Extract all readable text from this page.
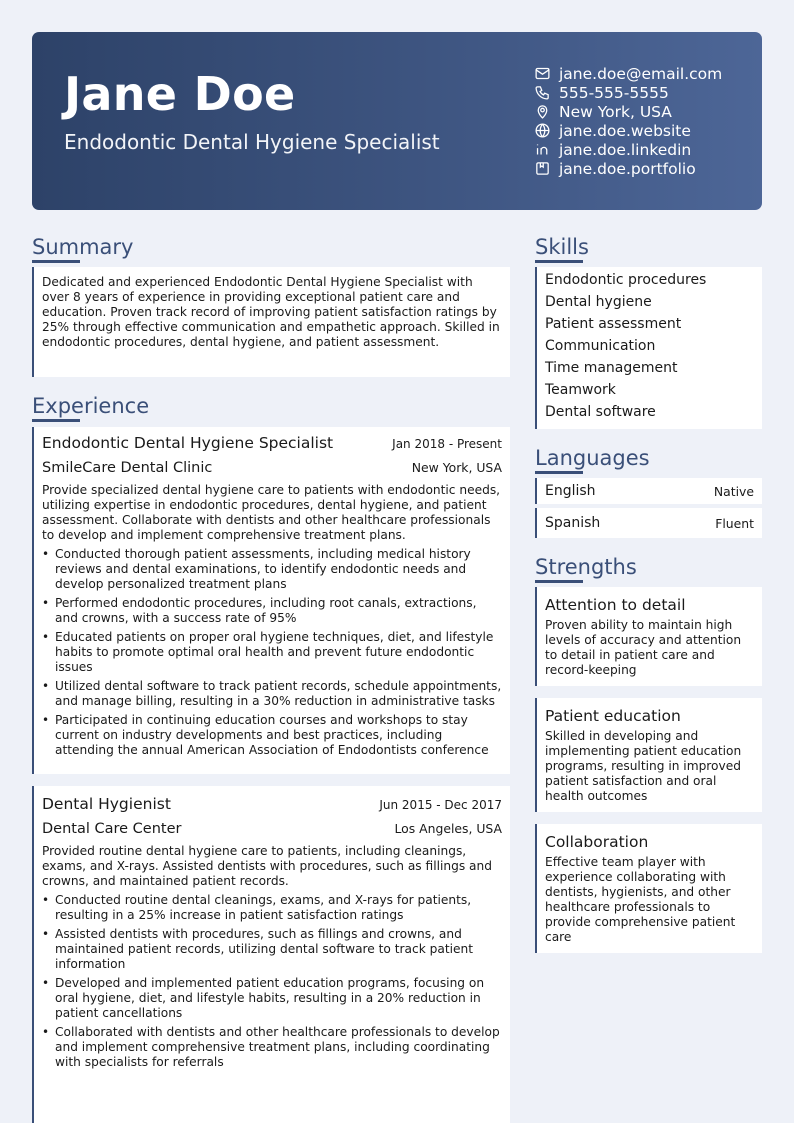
Jane Doe
Endodontic Dental Hygiene Specialist
jane.doe@email.com
555-555-5555
New York, USA
jane.doe.website
jane.doe.linkedin
jane.doe.portfolio
Summary
Dedicated and experienced Endodontic Dental Hygiene Specialist with over 8 years of experience in providing exceptional patient care and education. Proven track record of improving patient satisfaction ratings by 25% through effective communication and empathetic approach. Skilled in endodontic procedures, dental hygiene, and patient assessment.
Experience
Endodontic Dental Hygiene Specialist	Jan 2018 - Present
SmileCare Dental Clinic	New York, USA
Provide specialized dental hygiene care to patients with endodontic needs, utilizing expertise in endodontic procedures, dental hygiene, and patient assessment. Collaborate with dentists and other healthcare professionals to develop and implement comprehensive treatment plans.
• Conducted thorough patient assessments, including medical history reviews and dental examinations, to identify endodontic needs and develop personalized treatment plans
• Performed endodontic procedures, including root canals, extractions, and crowns, with a success rate of 95%
• Educated patients on proper oral hygiene techniques, diet, and lifestyle habits to promote optimal oral health and prevent future endodontic issues
• Utilized dental software to track patient records, schedule appointments, and manage billing, resulting in a 30% reduction in administrative tasks
• Participated in continuing education courses and workshops to stay current on industry developments and best practices, including attending the annual American Association of Endodontists conference
Dental Hygienist	Jun 2015 - Dec 2017
Dental Care Center	Los Angeles, USA
Provided routine dental hygiene care to patients, including cleanings, exams, and X-rays. Assisted dentists with procedures, such as fillings and crowns, and maintained patient records.
• Conducted routine dental cleanings, exams, and X-rays for patients, resulting in a 25% increase in patient satisfaction ratings
• Assisted dentists with procedures, such as fillings and crowns, and maintained patient records, utilizing dental software to track patient information
• Developed and implemented patient education programs, focusing on oral hygiene, diet, and lifestyle habits, resulting in a 20% reduction in patient cancellations
• Collaborated with dentists and other healthcare professionals to develop and implement comprehensive treatment plans, including coordinating with specialists for referrals
Skills
Endodontic procedures
Dental hygiene
Patient assessment
Communication
Time management
Teamwork
Dental software
Languages
English	Native
Spanish	Fluent
Strengths
Attention to detail
Proven ability to maintain high levels of accuracy and attention to detail in patient care and record-keeping
Patient education
Skilled in developing and implementing patient education programs, resulting in improved patient satisfaction and oral health outcomes
Collaboration
Effective team player with experience collaborating with dentists, hygienists, and other healthcare professionals to provide comprehensive patient care
